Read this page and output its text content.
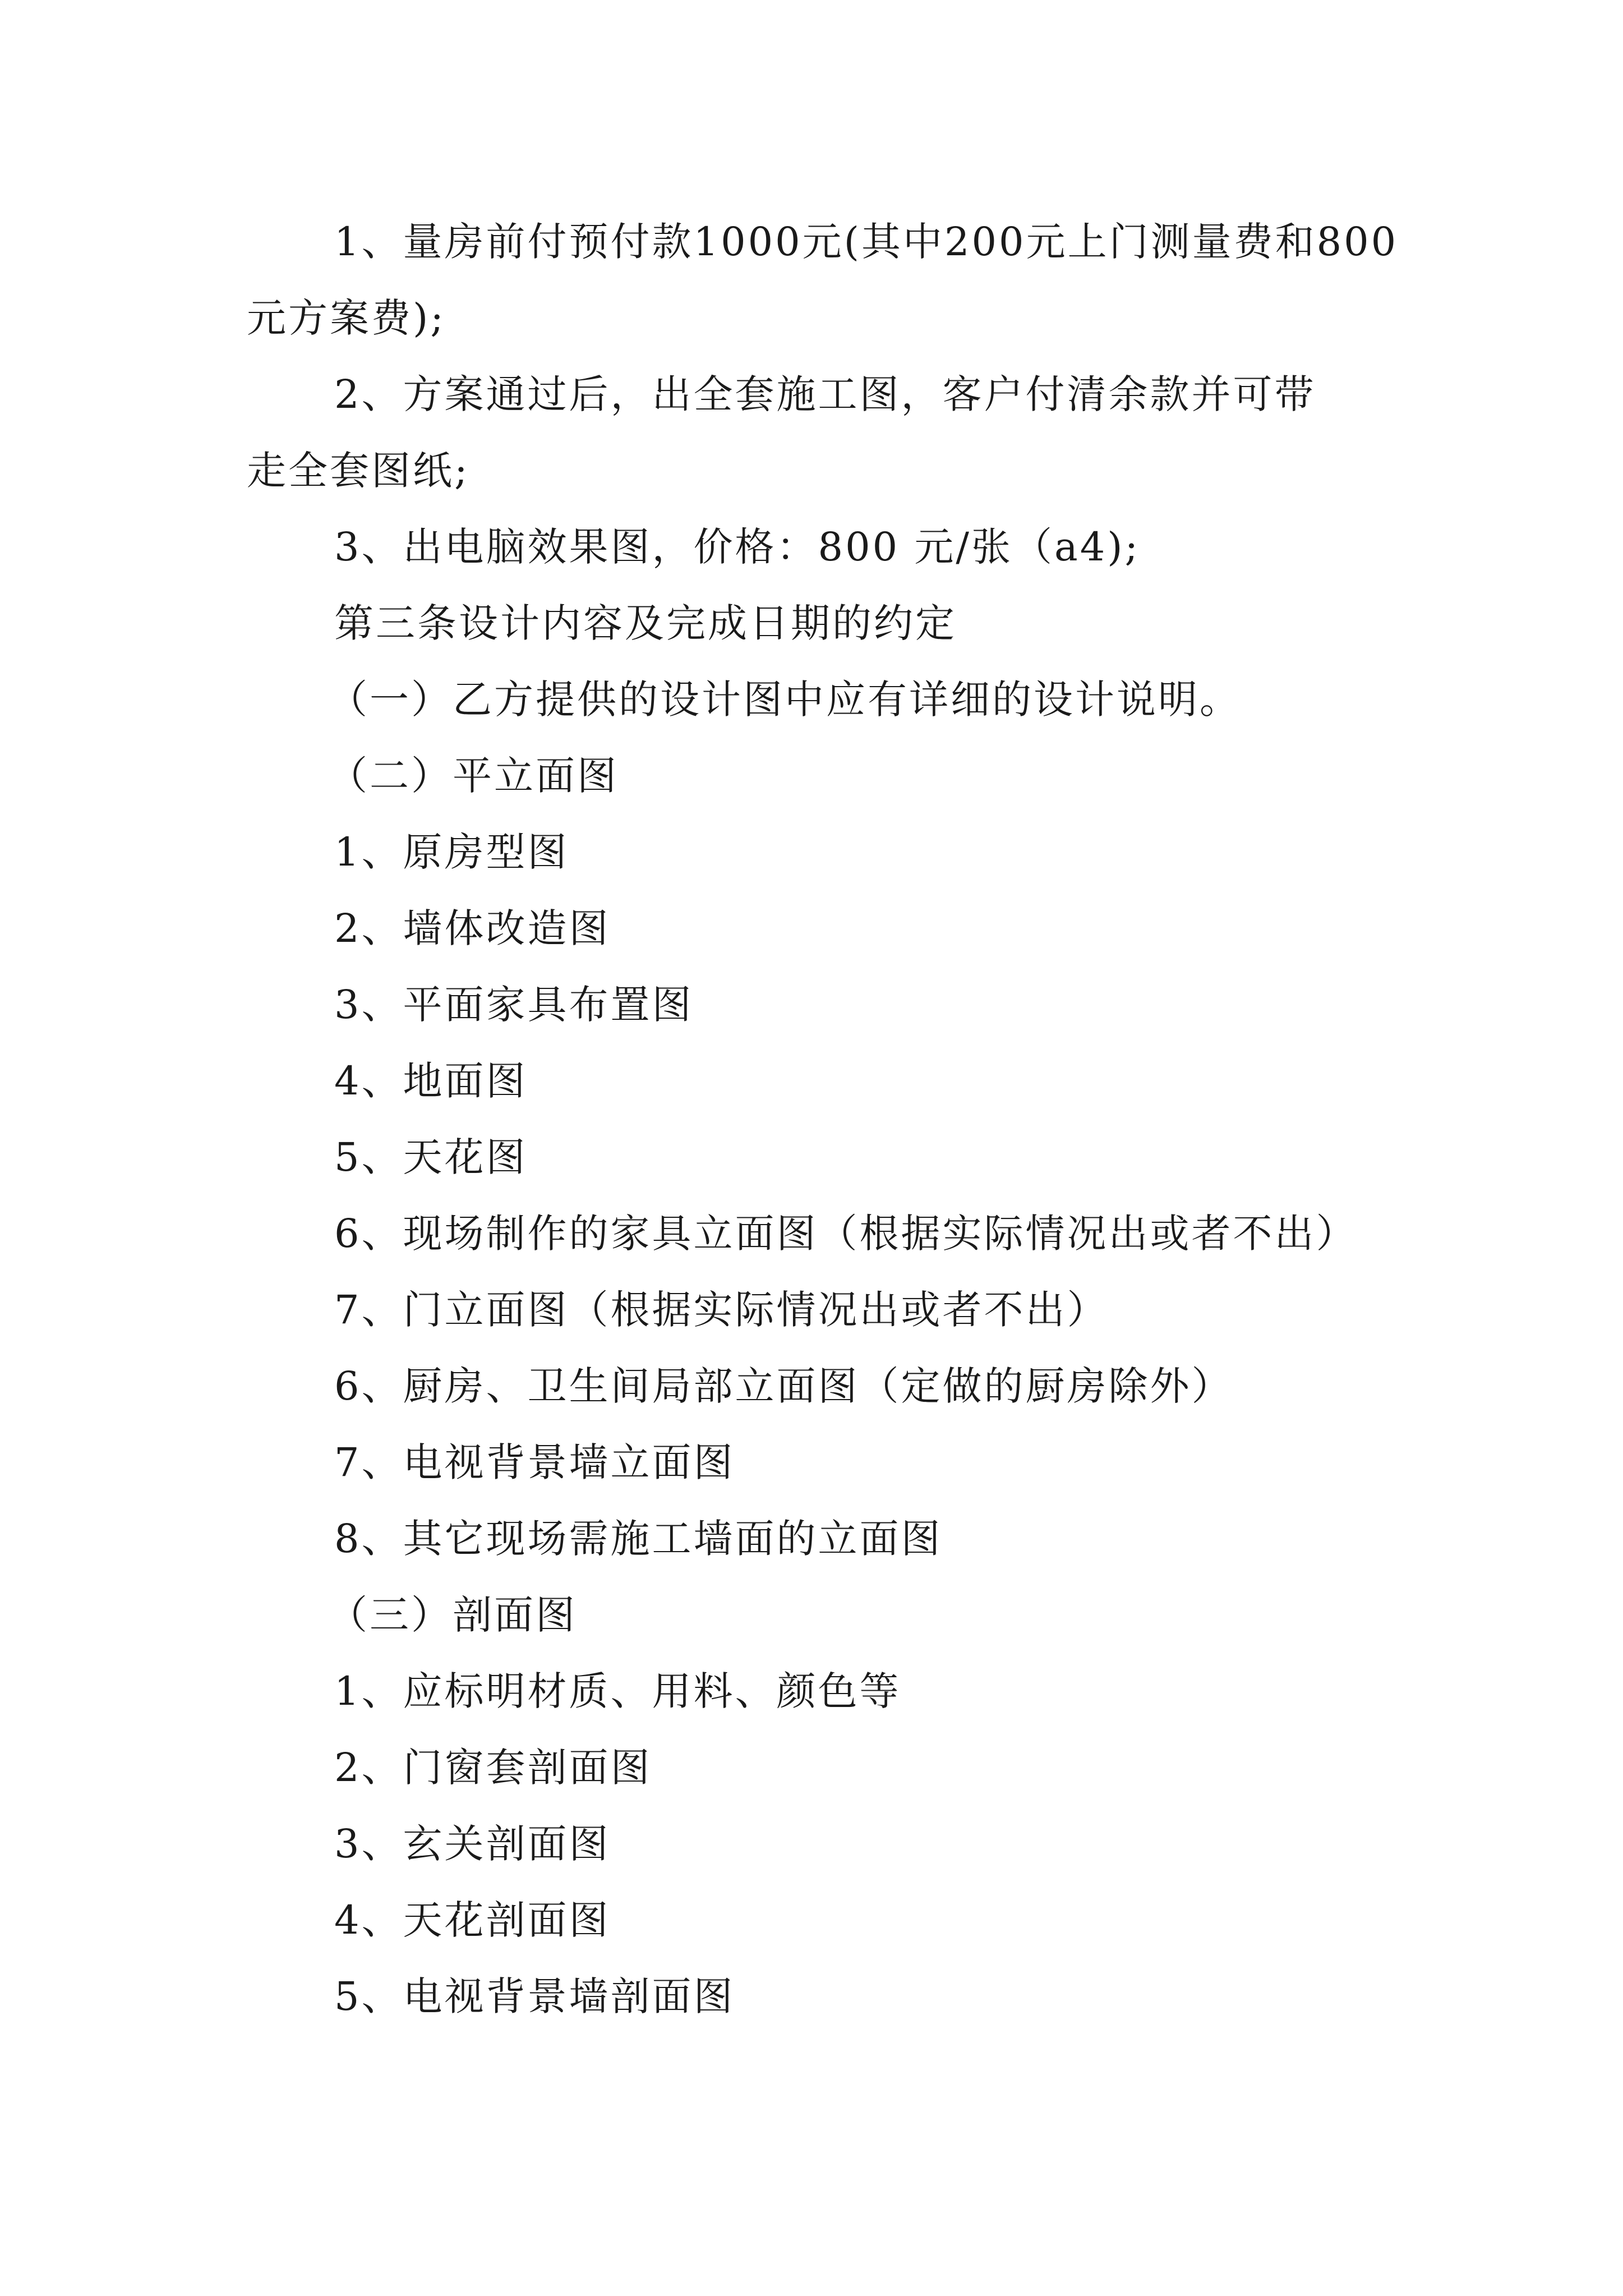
1、量房前付预付款1000元(其中200元上门测量费和800
元方案费);
2、方案通过后，出全套施工图，客户付清余款并可带
走全套图纸;
3、出电脑效果图，价格：800 元/张（a4);
第三条设计内容及完成日期的约定
（一）乙方提供的设计图中应有详细的设计说明。
（二）平立面图
1、原房型图
2、墙体改造图
3、平面家具布置图
4、地面图
5、天花图
6、现场制作的家具立面图（根据实际情况出或者不出）
7、门立面图（根据实际情况出或者不出）
6、厨房、卫生间局部立面图（定做的厨房除外）
7、电视背景墙立面图
8、其它现场需施工墙面的立面图
（三）剖面图
1、应标明材质、用料、颜色等
2、门窗套剖面图
3、玄关剖面图
4、天花剖面图
5、电视背景墙剖面图
